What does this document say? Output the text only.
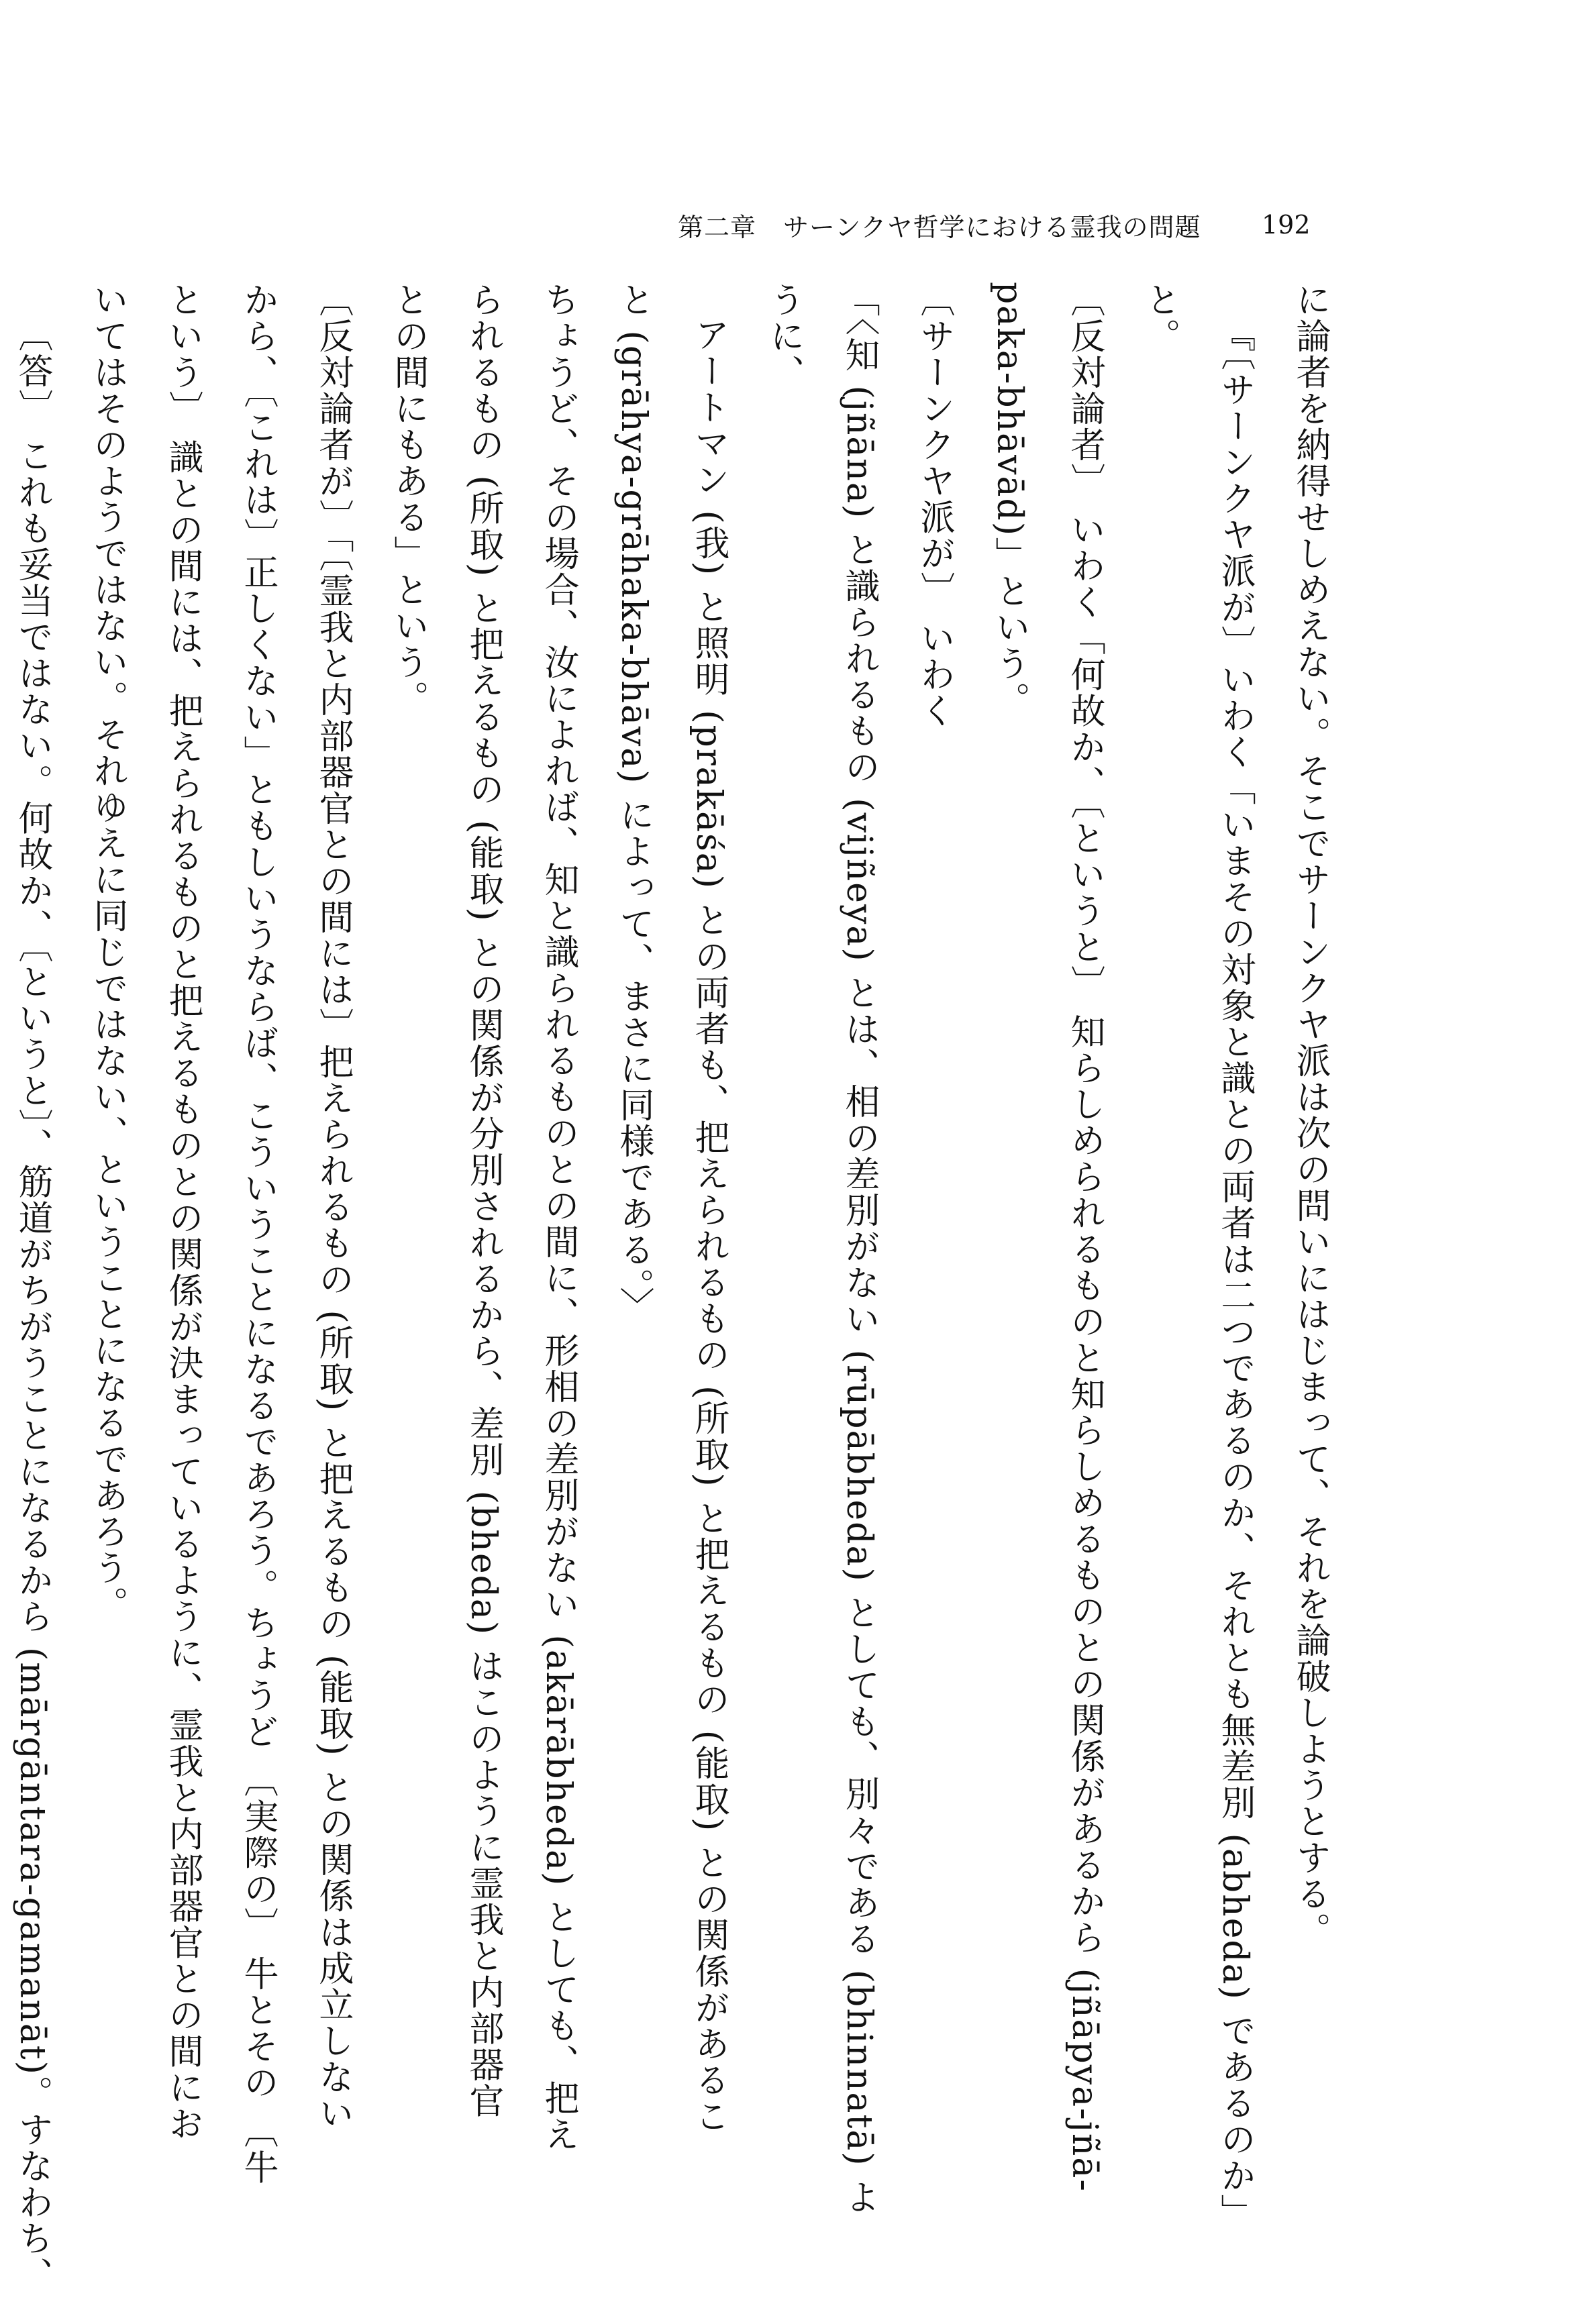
第二章 サーンクヤ哲学における霊我の問題 192
に論者を納得せしめえない。そこでサーンクヤ派は次の問いにはじまって、それを論破しようとする。
『〔サーンクヤ派が〕いわく「いまその対象と識との両者は二つであるのか、それとも無差別 (abheda) であるのか」
と。
〔反対論者〕 いわく「何故か、〔というと〕 知らしめられるものと知らしめるものとの関係があるから (jñāpya-jñā-
paka-bhāvād)」という。
〔サーンクヤ派が〕 いわく
「〈知 (jñāna) と識られるもの (vijñeya) とは、相の差別がない (rūpābheda) としても、別々である (bhinnatā) よ
うに、
アートマン (我) と照明 (prakāśa) との両者も、把えられるもの (所取) と把えるもの (能取) との関係があるこ
と (grāhya-grāhaka-bhāva) によって、まさに同様である。〉
ちょうど、その場合、汝によれば、知と識られるものとの間に、形相の差別がない (akārābheda) としても、把え
られるもの (所取) と把えるもの (能取) との関係が分別されるから、差別 (bheda) はこのように霊我と内部器官
との間にもある」という。
〔反対論者が〕「〔霊我と内部器官との間には〕把えられるもの (所取) と把えるもの (能取) との関係は成立しない
から、〔これは〕正しくない」ともしいうならば、こういうことになるであろう。ちょうど 〔実際の〕 牛とその 〔牛
という〕 識との間には、把えられるものと把えるものとの関係が決まっているように、霊我と内部器官との間にお
いてはそのようではない。それゆえに同じではない、ということになるであろう。
〔答〕 これも妥当ではない。何故か、〔というと〕、筋道がちがうことになるから (mārgāntara-gamanāt)。すなわち、
